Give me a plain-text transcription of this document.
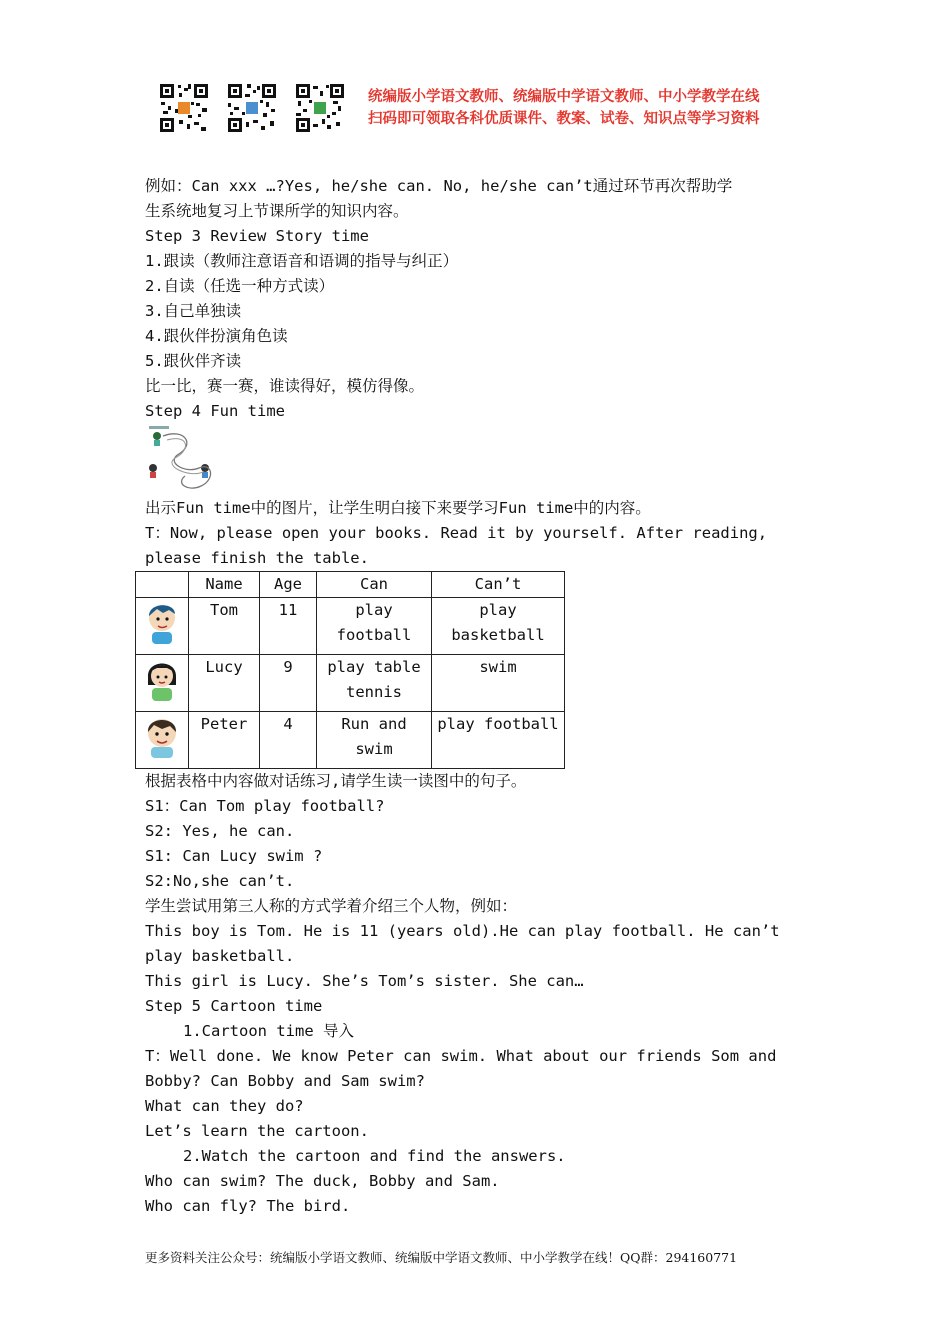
统编版小学语文教师、统编版中学语文教师、中小学教学在线
扫码即可领取各科优质课件、教案、试卷、知识点等学习资料
例如：Can xxx …?Yes, he/she can. No, he/she can’t通过环节再次帮助学
生系统地复习上节课所学的知识内容。
Step 3 Review Story time
1.跟读（教师注意语音和语调的指导与纠正）
2.自读（任选一种方式读）
3.自己单独读
4.跟伙伴扮演角色读
5.跟伙伴齐读
比一比，赛一赛，谁读得好，模仿得像。
Step 4 Fun time
出示Fun time中的图片，让学生明白接下来要学习Fun time中的内容。
T：Now, please open your books. Read it by yourself. After reading,
please finish the table.
	Name	Age	Can	Can’t
	Tom	11	play football	play basketball
	Lucy	9	play table tennis	swim
	Peter	4	Run and swim	play football
根据表格中内容做对话练习,请学生读一读图中的句子。
S1：Can Tom play football?
S2: Yes, he can.
S1: Can Lucy swim ?
S2:No,she can’t.
学生尝试用第三人称的方式学着介绍三个人物，例如：
This boy is Tom. He is 11 (years old).He can play football. He can’t
play basketball.
This girl is Lucy. She’s Tom’s sister. She can…
Step 5 Cartoon time
1.Cartoon time 导入
T：Well done. We know Peter can swim. What about our friends Som and
Bobby? Can Bobby and Sam swim?
What can they do?
Let’s learn the cartoon.
2.Watch the cartoon and find the answers.
Who can swim? The duck, Bobby and Sam.
Who can fly? The bird.
更多资料关注公众号：统编版小学语文教师、统编版中学语文教师、中小学教学在线！QQ群：294160771
